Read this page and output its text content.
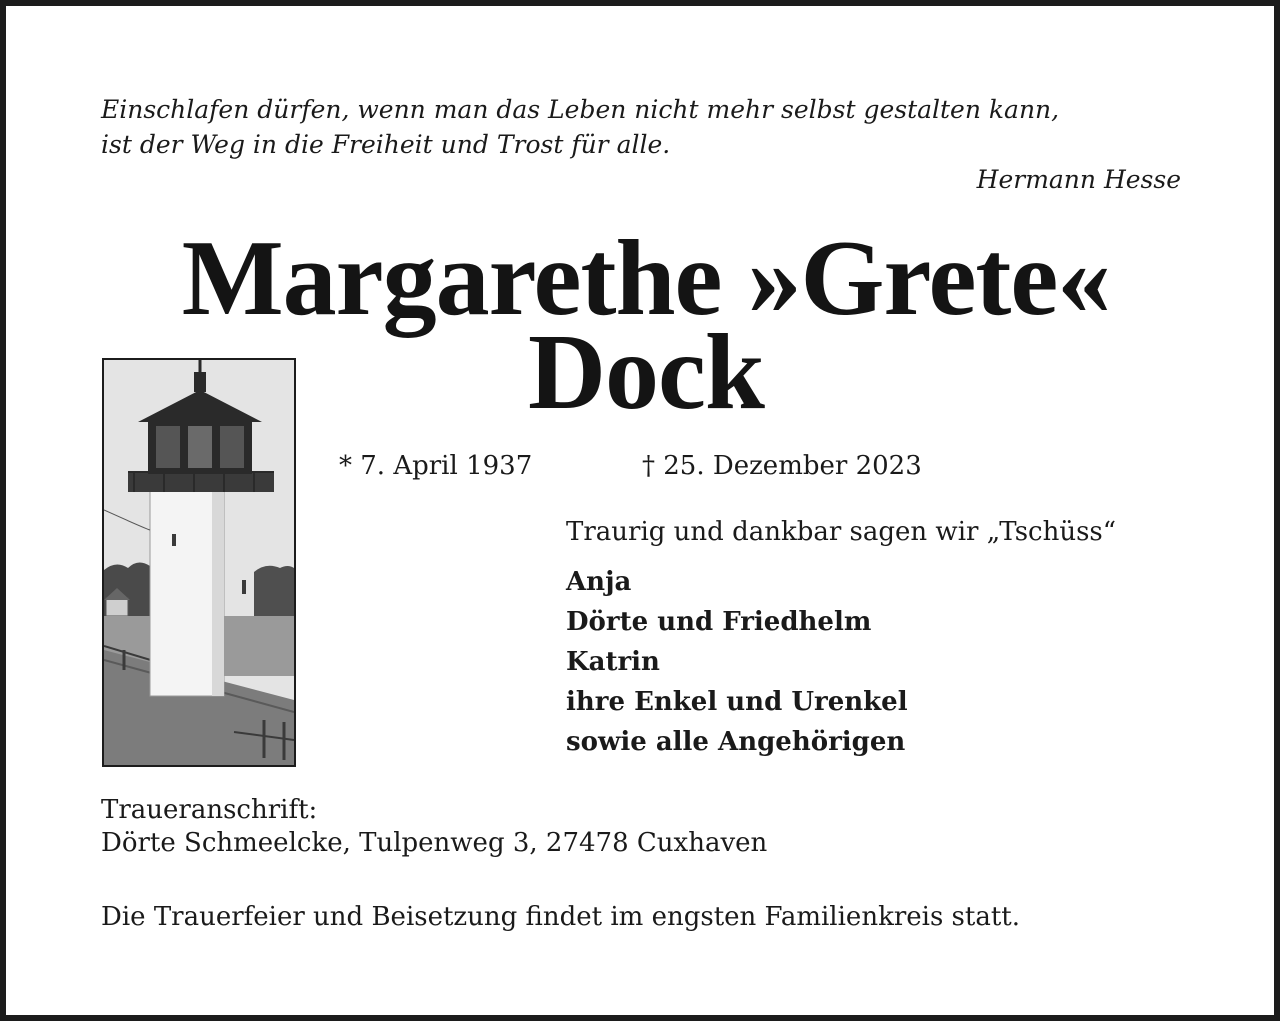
Einschlafen dürfen, wenn man das Leben nicht mehr selbst gestalten kann,
ist der Weg in die Freiheit und Trost für alle.

Hermann Hesse
Margarethe »Grete«
Dock
* 7. April 1937	† 25. Dezember 2023
Traurig und dankbar sagen wir „Tschüss“
Anja
Dörte und Friedhelm
Katrin
ihre Enkel und Urenkel
sowie alle Angehörigen
Traueranschrift:
Dörte Schmeelcke, Tulpenweg 3, 27478 Cuxhaven
Die Trauerfeier und Beisetzung findet im engsten Familienkreis statt.
